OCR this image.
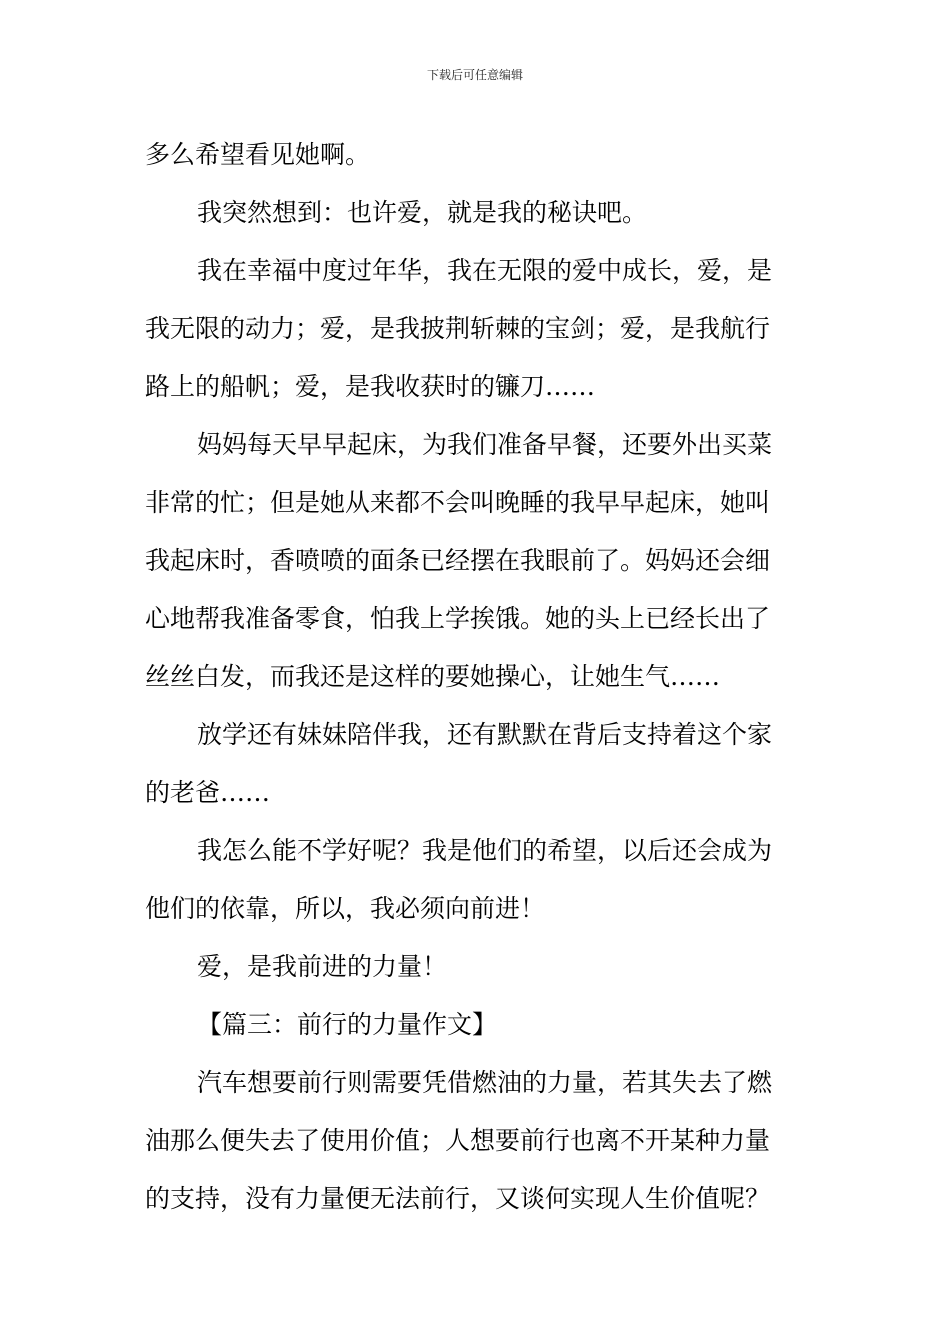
下载后可任意编辑
多么希望看见她啊。
我突然想到：也许爱，就是我的秘诀吧。
我在幸福中度过年华，我在无限的爱中成长，爱，是
我无限的动力；爱，是我披荆斩棘的宝剑；爱，是我航行
路上的船帆；爱，是我收获时的镰刀……
妈妈每天早早起床，为我们准备早餐，还要外出买菜
非常的忙；但是她从来都不会叫晚睡的我早早起床，她叫
我起床时，香喷喷的面条已经摆在我眼前了。妈妈还会细
心地帮我准备零食，怕我上学挨饿。她的头上已经长出了
丝丝白发，而我还是这样的要她操心，让她生气……
放学还有妹妹陪伴我，还有默默在背后支持着这个家
的老爸……
我怎么能不学好呢？我是他们的希望，以后还会成为
他们的依靠，所以，我必须向前进！
爱，是我前进的力量！
【篇三：前行的力量作文】
汽车想要前行则需要凭借燃油的力量，若其失去了燃
油那么便失去了使用价值；人想要前行也离不开某种力量
的支持，没有力量便无法前行，又谈何实现人生价值呢？
